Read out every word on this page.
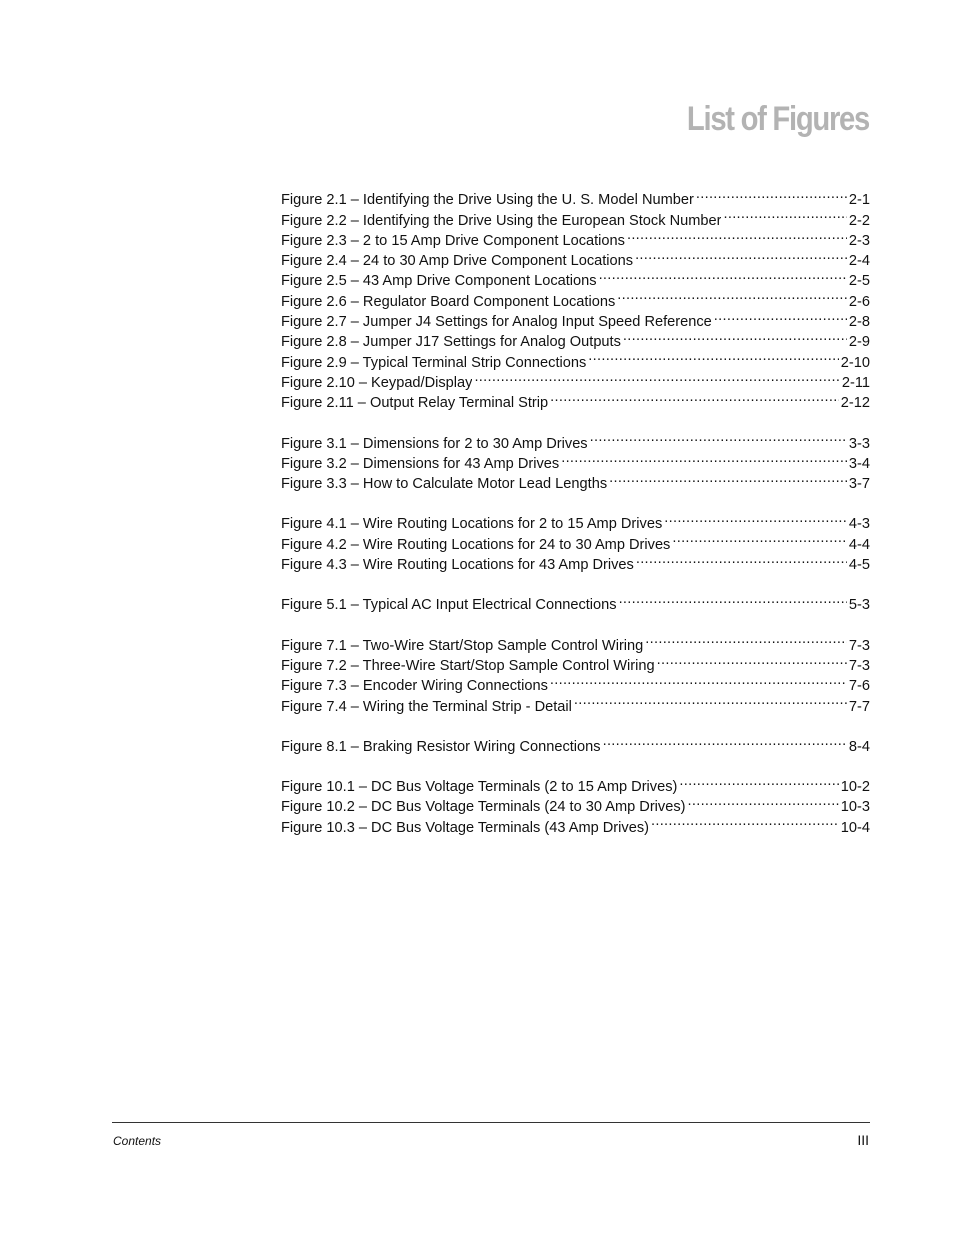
List of Figures
Figure 2.1 – Identifying the Drive Using the U. S. Model Number .....	2-1
Figure 2.2 – Identifying the Drive Using the European Stock Number .....	2-2
Figure 2.3 – 2 to 15 Amp Drive Component Locations .....	2-3
Figure 2.4 – 24 to 30 Amp Drive Component Locations .....	2-4
Figure 2.5 – 43 Amp Drive Component Locations .....	2-5
Figure 2.6 – Regulator Board Component Locations .....	2-6
Figure 2.7 – Jumper J4 Settings for Analog Input Speed Reference .....	2-8
Figure 2.8 – Jumper J17 Settings for Analog Outputs .....	2-9
Figure 2.9 – Typical Terminal Strip Connections .....	2-10
Figure 2.10 – Keypad/Display .....	2-11
Figure 2.11 – Output Relay Terminal Strip .....	2-12
Figure 3.1 – Dimensions for 2 to 30 Amp Drives .....	3-3
Figure 3.2 – Dimensions for 43 Amp Drives .....	3-4
Figure 3.3 – How to Calculate Motor Lead Lengths .....	3-7
Figure 4.1 – Wire Routing Locations for 2 to 15 Amp Drives .....	4-3
Figure 4.2 – Wire Routing Locations for 24 to 30 Amp Drives .....	4-4
Figure 4.3 – Wire Routing Locations for 43 Amp Drives .....	4-5
Figure 5.1 – Typical AC Input Electrical Connections .....	5-3
Figure 7.1 – Two-Wire Start/Stop Sample Control Wiring .....	7-3
Figure 7.2 – Three-Wire Start/Stop Sample Control Wiring .....	7-3
Figure 7.3 – Encoder Wiring Connections .....	7-6
Figure 7.4 – Wiring the Terminal Strip - Detail .....	7-7
Figure 8.1 – Braking Resistor Wiring Connections .....	8-4
Figure 10.1 – DC Bus Voltage Terminals (2 to 15 Amp Drives) .....	10-2
Figure 10.2 – DC Bus Voltage Terminals (24 to 30 Amp Drives) .....	10-3
Figure 10.3 – DC Bus Voltage Terminals (43 Amp Drives) .....	10-4
Contents	III
